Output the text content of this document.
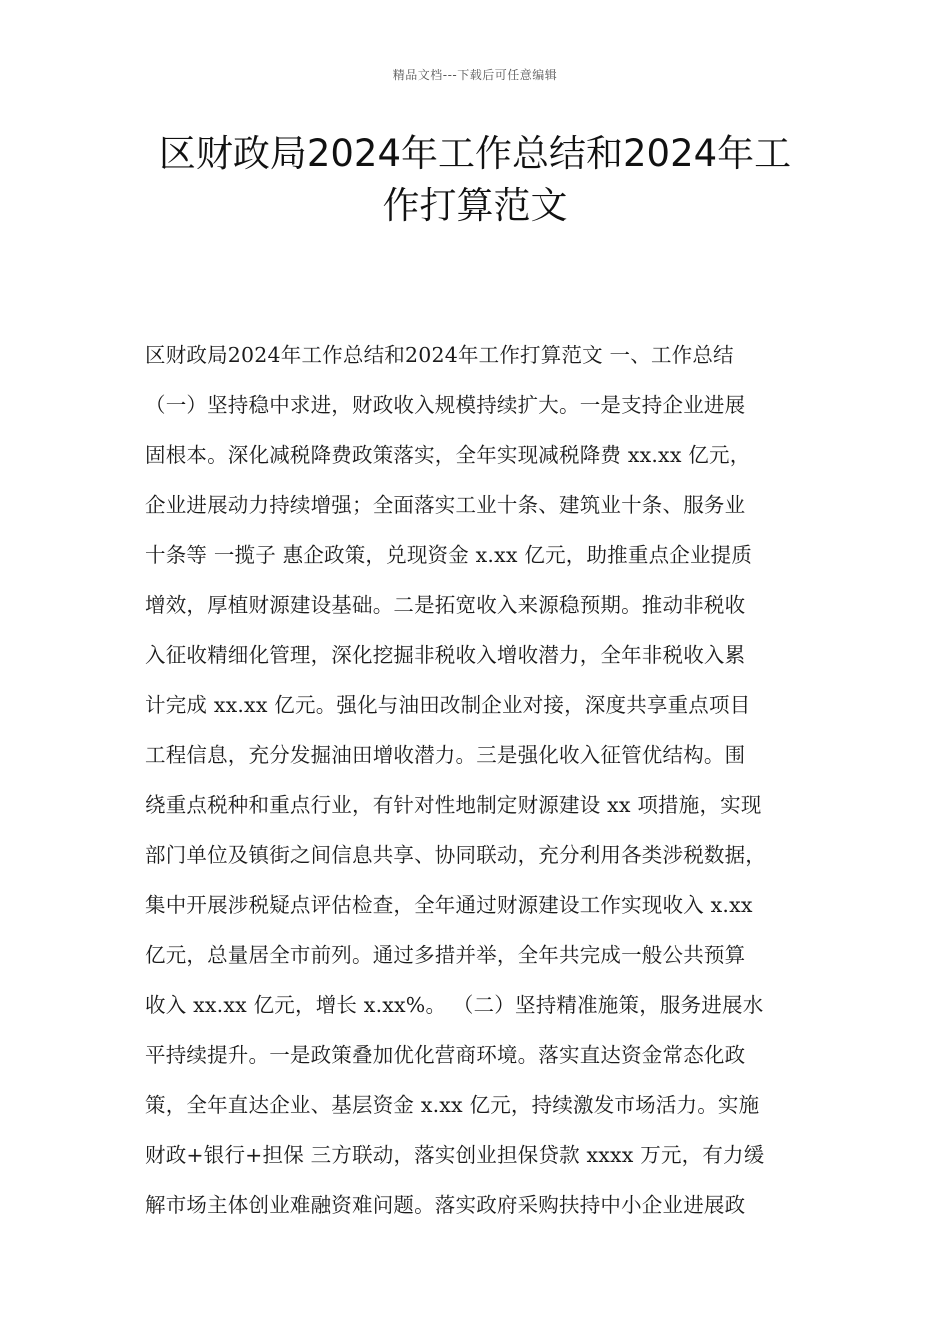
精品文档---下载后可任意编辑
区财政局2024年工作总结和2024年工
作打算范文
区财政局2024年工作总结和2024年工作打算范文 一、工作总结
（一）坚持稳中求进，财政收入规模持续扩大。一是支持企业进展
固根本。深化减税降费政策落实，全年实现减税降费 xx.xx 亿元，
企业进展动力持续增强；全面落实工业十条、建筑业十条、服务业
十条等 一揽子 惠企政策，兑现资金 x.xx 亿元，助推重点企业提质
增效，厚植财源建设基础。二是拓宽收入来源稳预期。推动非税收
入征收精细化管理，深化挖掘非税收入增收潜力，全年非税收入累
计完成 xx.xx 亿元。强化与油田改制企业对接，深度共享重点项目
工程信息，充分发掘油田增收潜力。三是强化收入征管优结构。围
绕重点税种和重点行业，有针对性地制定财源建设 xx 项措施，实现
部门单位及镇街之间信息共享、协同联动，充分利用各类涉税数据，
集中开展涉税疑点评估检查，全年通过财源建设工作实现收入 x.xx
亿元，总量居全市前列。通过多措并举，全年共完成一般公共预算
收入 xx.xx 亿元，增长 x.xx%。 （二）坚持精准施策，服务进展水
平持续提升。一是政策叠加优化营商环境。落实直达资金常态化政
策，全年直达企业、基层资金 x.xx 亿元，持续激发市场活力。实施
财政+银行+担保 三方联动，落实创业担保贷款 xxxx 万元，有力缓
解市场主体创业难融资难问题。落实政府采购扶持中小企业进展政
